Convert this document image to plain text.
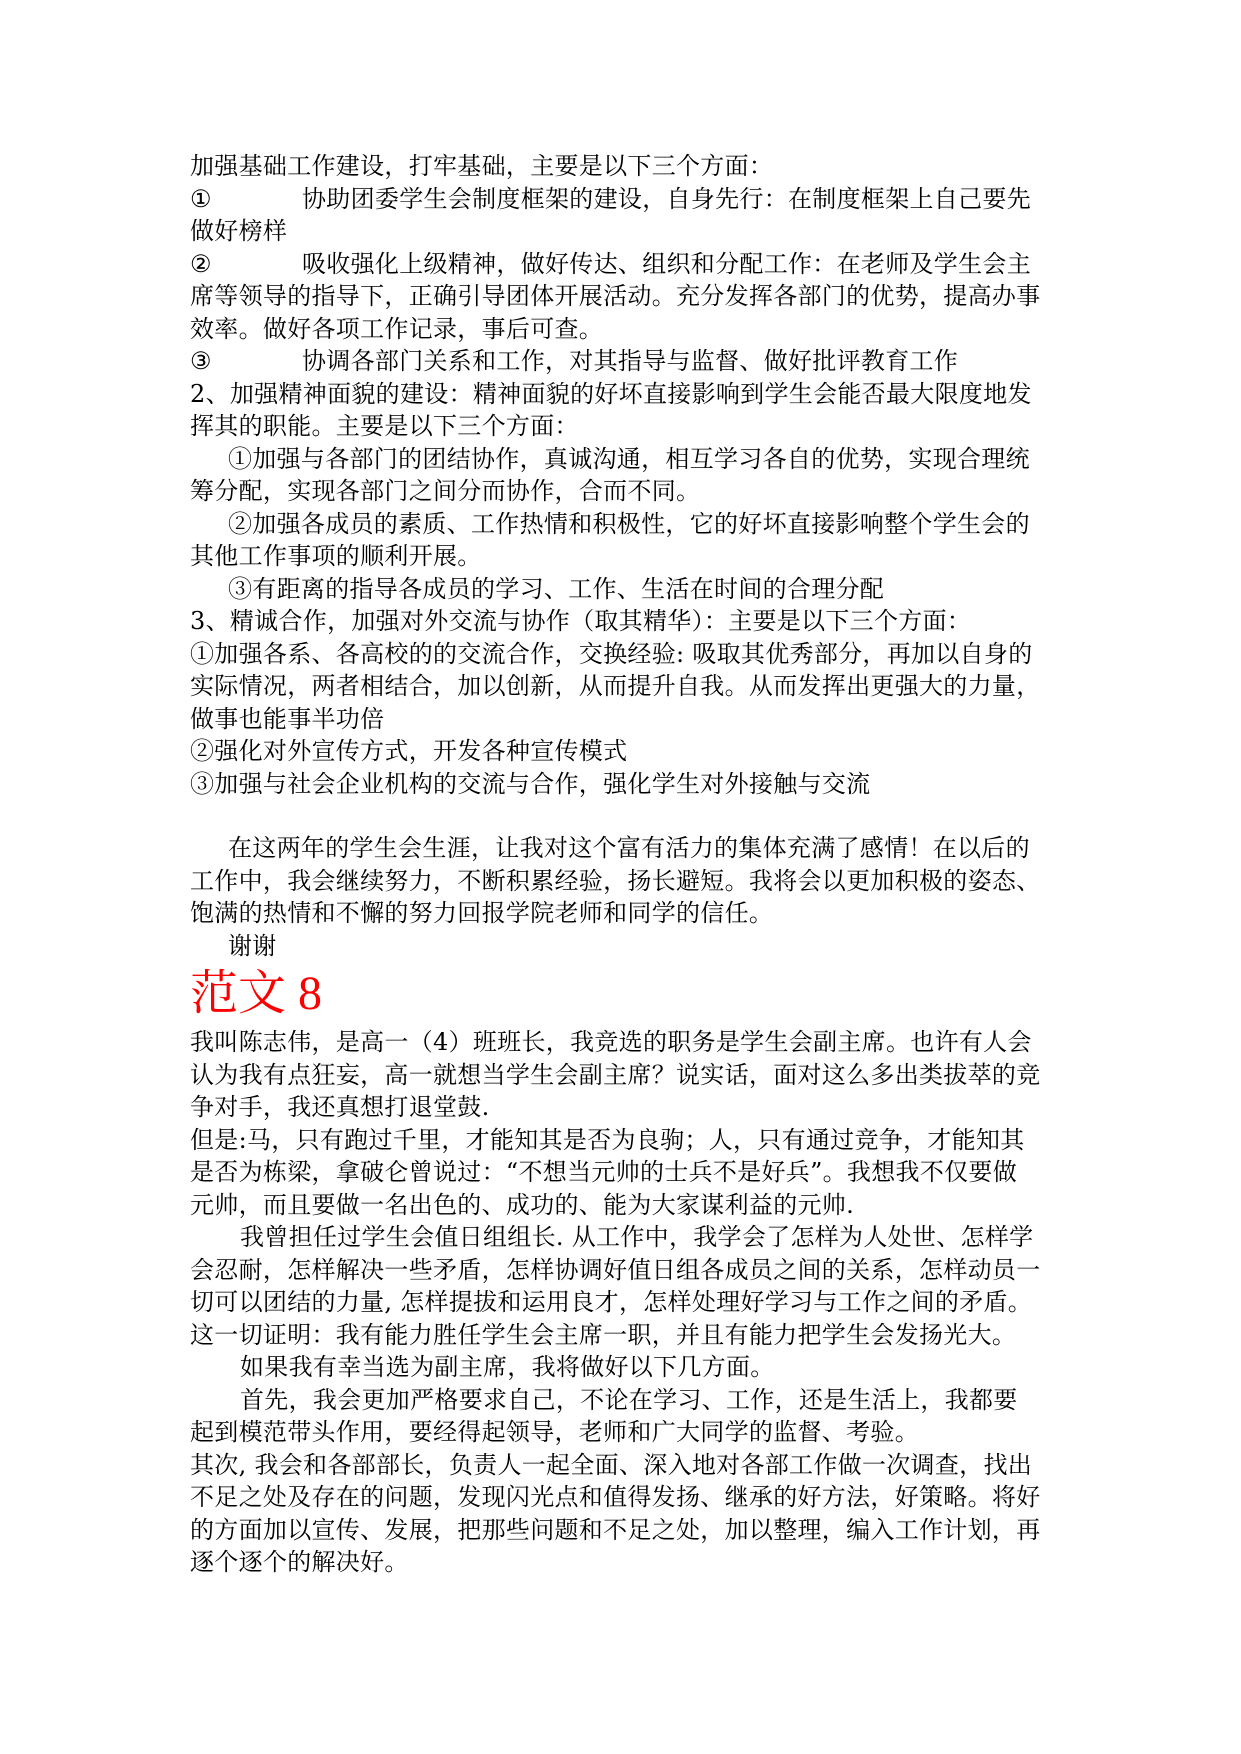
加强基础工作建设，打牢基础，主要是以下三个方面：
①	协助团委学生会制度框架的建设，自身先行：在制度框架上自己要先
做好榜样
②	吸收强化上级精神，做好传达、组织和分配工作：在老师及学生会主
席等领导的指导下，正确引导团体开展活动。充分发挥各部门的优势，提高办事
效率。做好各项工作记录，事后可查。
③	协调各部门关系和工作，对其指导与监督、做好批评教育工作
2、加强精神面貌的建设：精神面貌的好坏直接影响到学生会能否最大限度地发
挥其的职能。主要是以下三个方面：
①加强与各部门的团结协作，真诚沟通，相互学习各自的优势，实现合理统
筹分配，实现各部门之间分而协作，合而不同。
②加强各成员的素质、工作热情和积极性，它的好坏直接影响整个学生会的
其他工作事项的顺利开展。
③有距离的指导各成员的学习、工作、生活在时间的合理分配
3、精诚合作，加强对外交流与协作（取其精华）：主要是以下三个方面：
①加强各系、各高校的的交流合作，交换经验: 吸取其优秀部分，再加以自身的
实际情况，两者相结合，加以创新，从而提升自我。从而发挥出更强大的力量，
做事也能事半功倍
②强化对外宣传方式，开发各种宣传模式
③加强与社会企业机构的交流与合作，强化学生对外接触与交流
在这两年的学生会生涯，让我对这个富有活力的集体充满了感情！在以后的
工作中，我会继续努力，不断积累经验，扬长避短。我将会以更加积极的姿态、
饱满的热情和不懈的努力回报学院老师和同学的信任。
谢谢
范文 8
我叫陈志伟，是高一（4）班班长，我竞选的职务是学生会副主席。也许有人会
认为我有点狂妄，高一就想当学生会副主席？说实话，面对这么多出类拔萃的竞
争对手，我还真想打退堂鼓.
但是:马，只有跑过千里，才能知其是否为良驹；人，只有通过竞争，才能知其
是否为栋梁，拿破仑曾说过：“不想当元帅的士兵不是好兵”。我想我不仅要做
元帅，而且要做一名出色的、成功的、能为大家谋利益的元帅.
我曾担任过学生会值日组组长. 从工作中，我学会了怎样为人处世、怎样学
会忍耐，怎样解决一些矛盾，怎样协调好值日组各成员之间的关系，怎样动员一
切可以团结的力量, 怎样提拔和运用良才，怎样处理好学习与工作之间的矛盾。
这一切证明：我有能力胜任学生会主席一职，并且有能力把学生会发扬光大。
如果我有幸当选为副主席，我将做好以下几方面。
首先，我会更加严格要求自己，不论在学习、工作，还是生活上，我都要
起到模范带头作用，要经得起领导，老师和广大同学的监督、考验。
其次, 我会和各部部长，负责人一起全面、深入地对各部工作做一次调查，找出
不足之处及存在的问题，发现闪光点和值得发扬、继承的好方法，好策略。将好
的方面加以宣传、发展，把那些问题和不足之处，加以整理，编入工作计划，再
逐个逐个的解决好。
